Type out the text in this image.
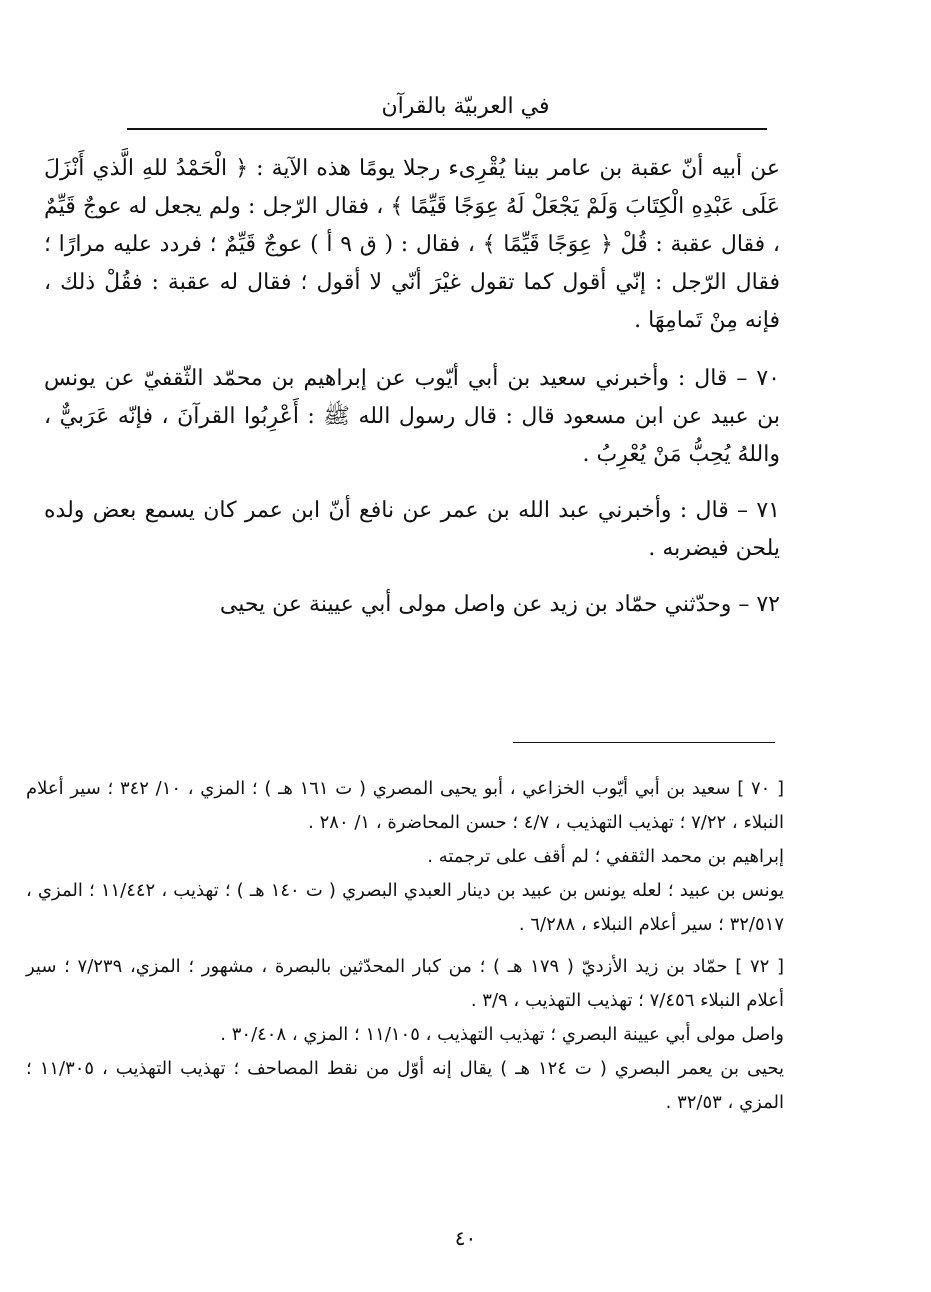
في العربيّة بالقرآن

عن أبيه أنّ عقبة بن عامر بينا يُقْرِىء رجلا يومًا هذه الآية : ﴿ الْحَمْدُ للهِ الَّذي أَنْزَلَ عَلَى عَبْدِهِ الْكِتَابَ وَلَمْ يَجْعَلْ لَهُ عِوَجًا قَيِّمًا ﴾ ، فقال الرّجل : ولم يجعل له عوجٌ قَيِّمٌ ، فقال عقبة : قُلْ ﴿ عِوَجًا قَيِّمًا ﴾ ، فقال : ( ق ٩ أ ) عوجٌ قَيِّمٌ ؛ فردد عليه مرارًا ؛ فقال الرّجل : إنّي أقول كما تقول غيْرَ أنّي لا أقول ؛ فقال له عقبة : فقُلْ ذلك ، فإنه مِنْ تَمامِهَا .

٧٠ – قال : وأخبرني سعيد بن أبي أيّوب عن إبراهيم بن محمّد الثّقفيّ عن يونس بن عبيد عن ابن مسعود قال : قال رسول الله ﷺ : أَعْرِبُوا القرآنَ ، فإنّه عَرَبيٌّ ، واللهُ يُحِبُّ مَنْ يُعْرِبُ .

٧١ – قال : وأخبرني عبد الله بن عمر عن نافع أنّ ابن عمر كان يسمع بعض ولده يلحن فيضربه .

٧٢ – وحدّثني حمّاد بن زيد عن واصل مولى أبي عيينة عن يحيى

[ ٧٠ ] سعيد بن أبي أيّوب الخزاعي ، أبو يحيى المصري ( ت ١٦١ هـ ) ؛ المزي ، ١٠/ ٣٤٢ ؛ سير أعلام النبلاء ، ٧/٢٢ ؛ تهذيب التهذيب ، ٤/٧ ؛ حسن المحاضرة ، ١/ ٢٨٠ .

إبراهيم بن محمد الثقفي ؛ لم أقف على ترجمته .

يونس بن عبيد ؛ لعله يونس بن عبيد بن دينار العبدي البصري ( ت ١٤٠ هـ ) ؛ تهذيب ، ١١/٤٤٢ ؛ المزي ، ٣٢/٥١٧ ؛ سير أعلام النبلاء ، ٦/٢٨٨ .

[ ٧٢ ] حمّاد بن زيد الأزديّ ( ١٧٩ هـ ) ؛ من كبار المحدّثين بالبصرة ، مشهور ؛ المزي، ٧/٢٣٩ ؛ سير أعلام النبلاء ٧/٤٥٦ ؛ تهذيب التهذيب ، ٣/٩ .

واصل مولى أبي عيينة البصري ؛ تهذيب التهذيب ، ١١/١٠٥ ؛ المزي ، ٣٠/٤٠٨ .

يحيى بن يعمر البصري ( ت ١٢٤ هـ ) يقال إنه أوّل من نقط المصاحف ؛ تهذيب التهذيب ، ١١/٣٠٥ ؛ المزي ، ٣٢/٥٣ .

٤٠
